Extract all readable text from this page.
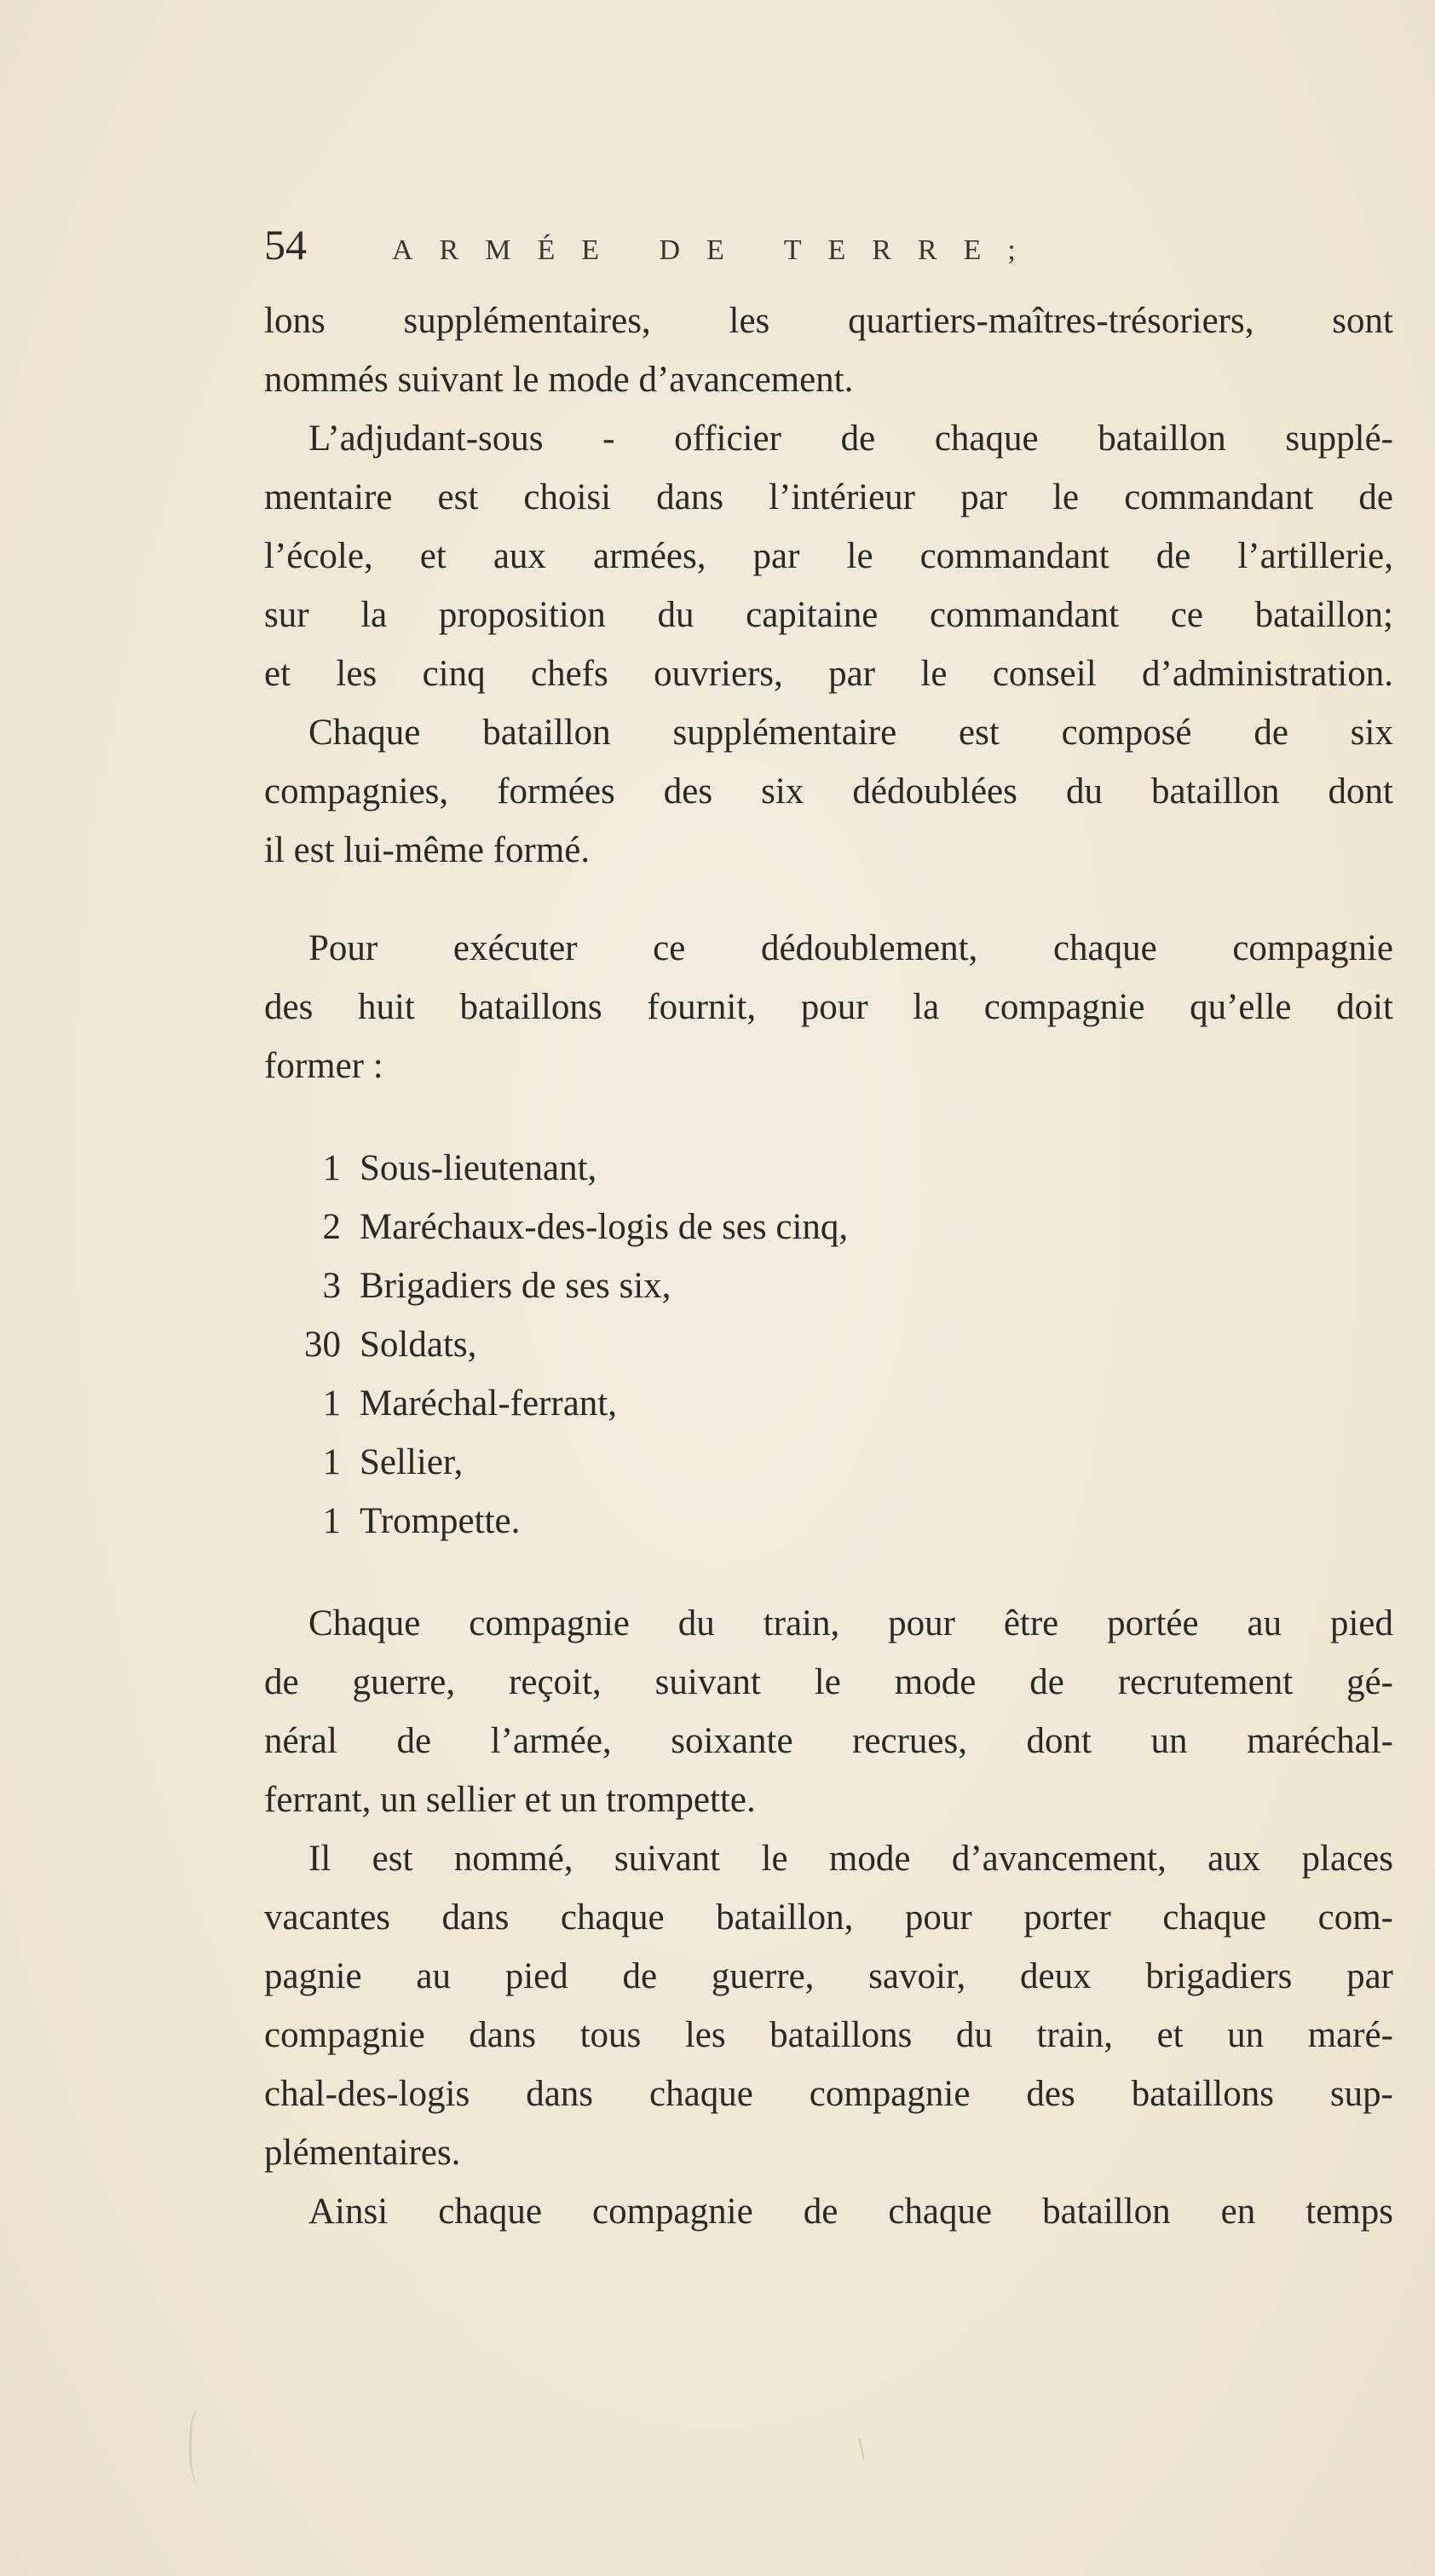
54	ARMÉE DE TERRE;
lons supplémentaires, les quartiers-maîtres-trésoriers, sont
nommés suivant le mode d’avancement.
L’adjudant-sous - officier de chaque bataillon supplé-
mentaire est choisi dans l’intérieur par le commandant de
l’école, et aux armées, par le commandant de l’artillerie,
sur la proposition du capitaine commandant ce bataillon;
et les cinq chefs ouvriers, par le conseil d’administration.
Chaque bataillon supplémentaire est composé de six
compagnies, formées des six dédoublées du bataillon dont
il est lui-même formé.
Pour exécuter ce dédoublement, chaque compagnie
des huit bataillons fournit, pour la compagnie qu’elle doit
former :
1 Sous-lieutenant,
2 Maréchaux-des-logis de ses cinq,
3 Brigadiers de ses six,
30 Soldats,
1 Maréchal-ferrant,
1 Sellier,
1 Trompette.
Chaque compagnie du train, pour être portée au pied
de guerre, reçoit, suivant le mode de recrutement gé-
néral de l’armée, soixante recrues, dont un maréchal-
ferrant, un sellier et un trompette.
Il est nommé, suivant le mode d’avancement, aux places
vacantes dans chaque bataillon, pour porter chaque com-
pagnie au pied de guerre, savoir, deux brigadiers par
compagnie dans tous les bataillons du train, et un maré-
chal-des-logis dans chaque compagnie des bataillons sup-
plémentaires.
Ainsi chaque compagnie de chaque bataillon en temps
